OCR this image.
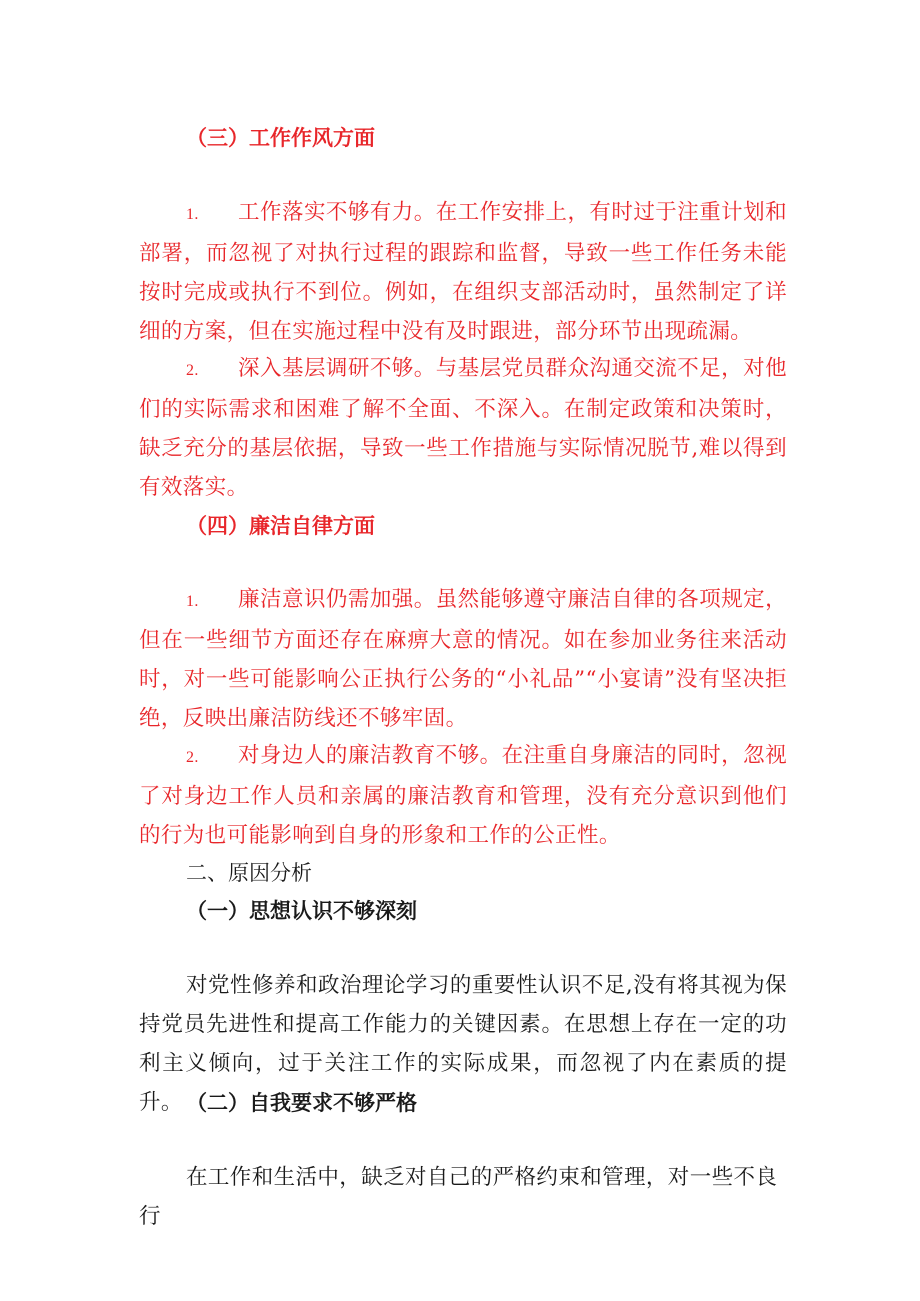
（三）工作作风方面

1. 工作落实不够有力。在工作安排上，有时过于注重计划和部署，而忽视了对执行过程的跟踪和监督，导致一些工作任务未能按时完成或执行不到位。例如，在组织支部活动时，虽然制定了详细的方案，但在实施过程中没有及时跟进，部分环节出现疏漏。

2. 深入基层调研不够。与基层党员群众沟通交流不足，对他们的实际需求和困难了解不全面、不深入。在制定政策和决策时，缺乏充分的基层依据，导致一些工作措施与实际情况脱节,难以得到有效落实。

（四）廉洁自律方面

1. 廉洁意识仍需加强。虽然能够遵守廉洁自律的各项规定，但在一些细节方面还存在麻痹大意的情况。如在参加业务往来活动时，对一些可能影响公正执行公务的“小礼品”“小宴请”没有坚决拒绝，反映出廉洁防线还不够牢固。

2. 对身边人的廉洁教育不够。在注重自身廉洁的同时，忽视了对身边工作人员和亲属的廉洁教育和管理，没有充分意识到他们的行为也可能影响到自身的形象和工作的公正性。

二、原因分析
（一）思想认识不够深刻

对党性修养和政治理论学习的重要性认识不足,没有将其视为保持党员先进性和提高工作能力的关键因素。在思想上存在一定的功利主义倾向，过于关注工作的实际成果，而忽视了内在素质的提升。 （二）自我要求不够严格

在工作和生活中，缺乏对自己的严格约束和管理，对一些不良行
